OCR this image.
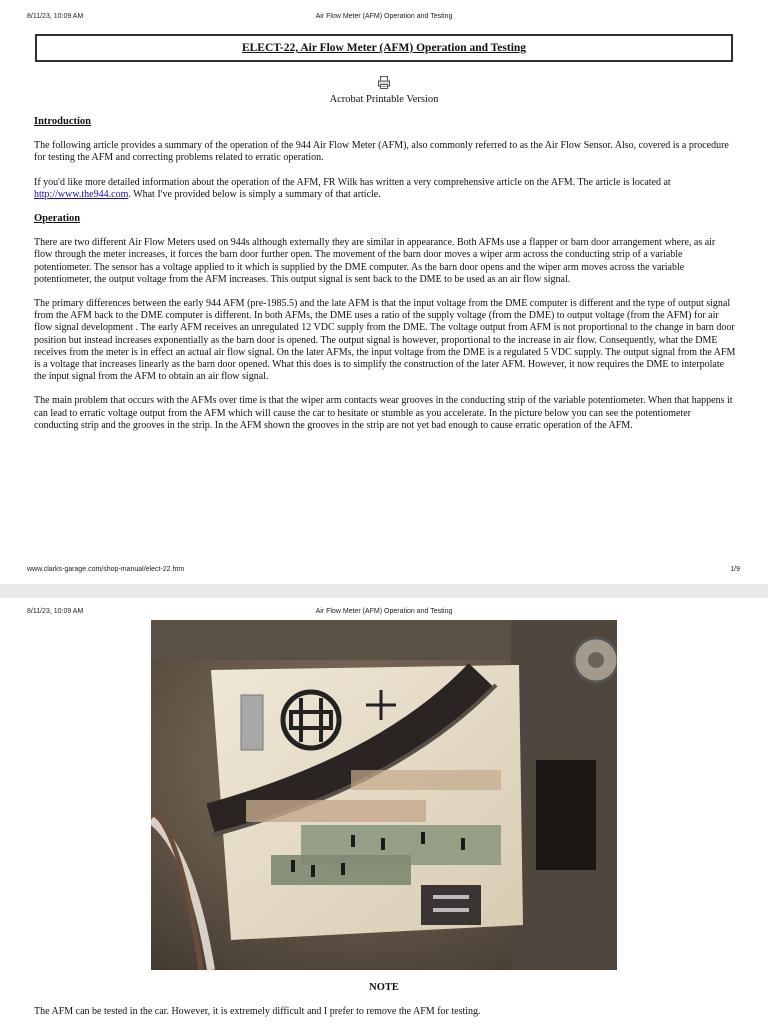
Air Flow Meter (AFM) Operation and Testing
8/11/23, 10:09 AM
ELECT-22, Air Flow Meter (AFM) Operation and Testing
Acrobat Printable Version
Introduction

The following article provides a summary of the operation of the 944 Air Flow Meter (AFM), also commonly referred to as the Air Flow Sensor. Also, covered is a procedure for testing the AFM and correcting problems related to erratic operation.

If you'd like more detailed information about the operation of the AFM, FR Wilk has written a very comprehensive article on the AFM. The article is located at http://www.the944.com. What I've provided below is simply a summary of that article.

Operation

There are two different Air Flow Meters used on 944s although externally they are similar in appearance. Both AFMs use a flapper or barn door arrangement where, as air flow through the meter increases, it forces the barn door further open. The movement of the barn door moves a wiper arm across the conducting strip of a variable potentiometer. The sensor has a voltage applied to it which is supplied by the DME computer. As the barn door opens and the wiper arm moves across the variable potentiometer, the output voltage from the AFM increases. This output signal is sent back to the DME to be used as an air flow signal.

The primary differences between the early 944 AFM (pre-1985.5) and the late AFM is that the input voltage from the DME computer is different and the type of output signal from the AFM back to the DME computer is different. In both AFMs, the DME uses a ratio of the supply voltage (from the DME) to output voltage (from the AFM) for air flow signal development . The early AFM receives an unregulated 12 VDC supply from the DME. The voltage output from AFM is not proportional to the change in barn door position but instead increases exponentially as the barn door is opened. The output signal is however, proportional to the increase in air flow. Consequently, what the DME receives from the meter is in effect an actual air flow signal. On the later AFMs, the input voltage from the DME is a regulated 5 VDC supply. The output signal from the AFM is a voltage that increases linearly as the barn door opened. What this does is to simplify the construction of the later AFM. However, it now requires the DME to interpolate the input signal from the AFM to obtain an air flow signal.

The main problem that occurs with the AFMs over time is that the wiper arm contacts wear grooves in the conducting strip of the variable potentiometer. When that happens it can lead to erratic voltage output from the AFM which will cause the car to hesitate or stumble as you accelerate. In the picture below you can see the potentiometer conducting strip and the grooves in the strip. In the AFM shown the grooves in the strip are not yet bad enough to cause erratic operation of the AFM.

www.clarks-garage.com/shop-manual/elect-22.htm	1/9
Air Flow Meter (AFM) Operation and Testing
8/11/23, 10:09 AM
NOTE
The AFM can be tested in the car. However, it is extremely difficult and I prefer to remove the AFM for testing.
